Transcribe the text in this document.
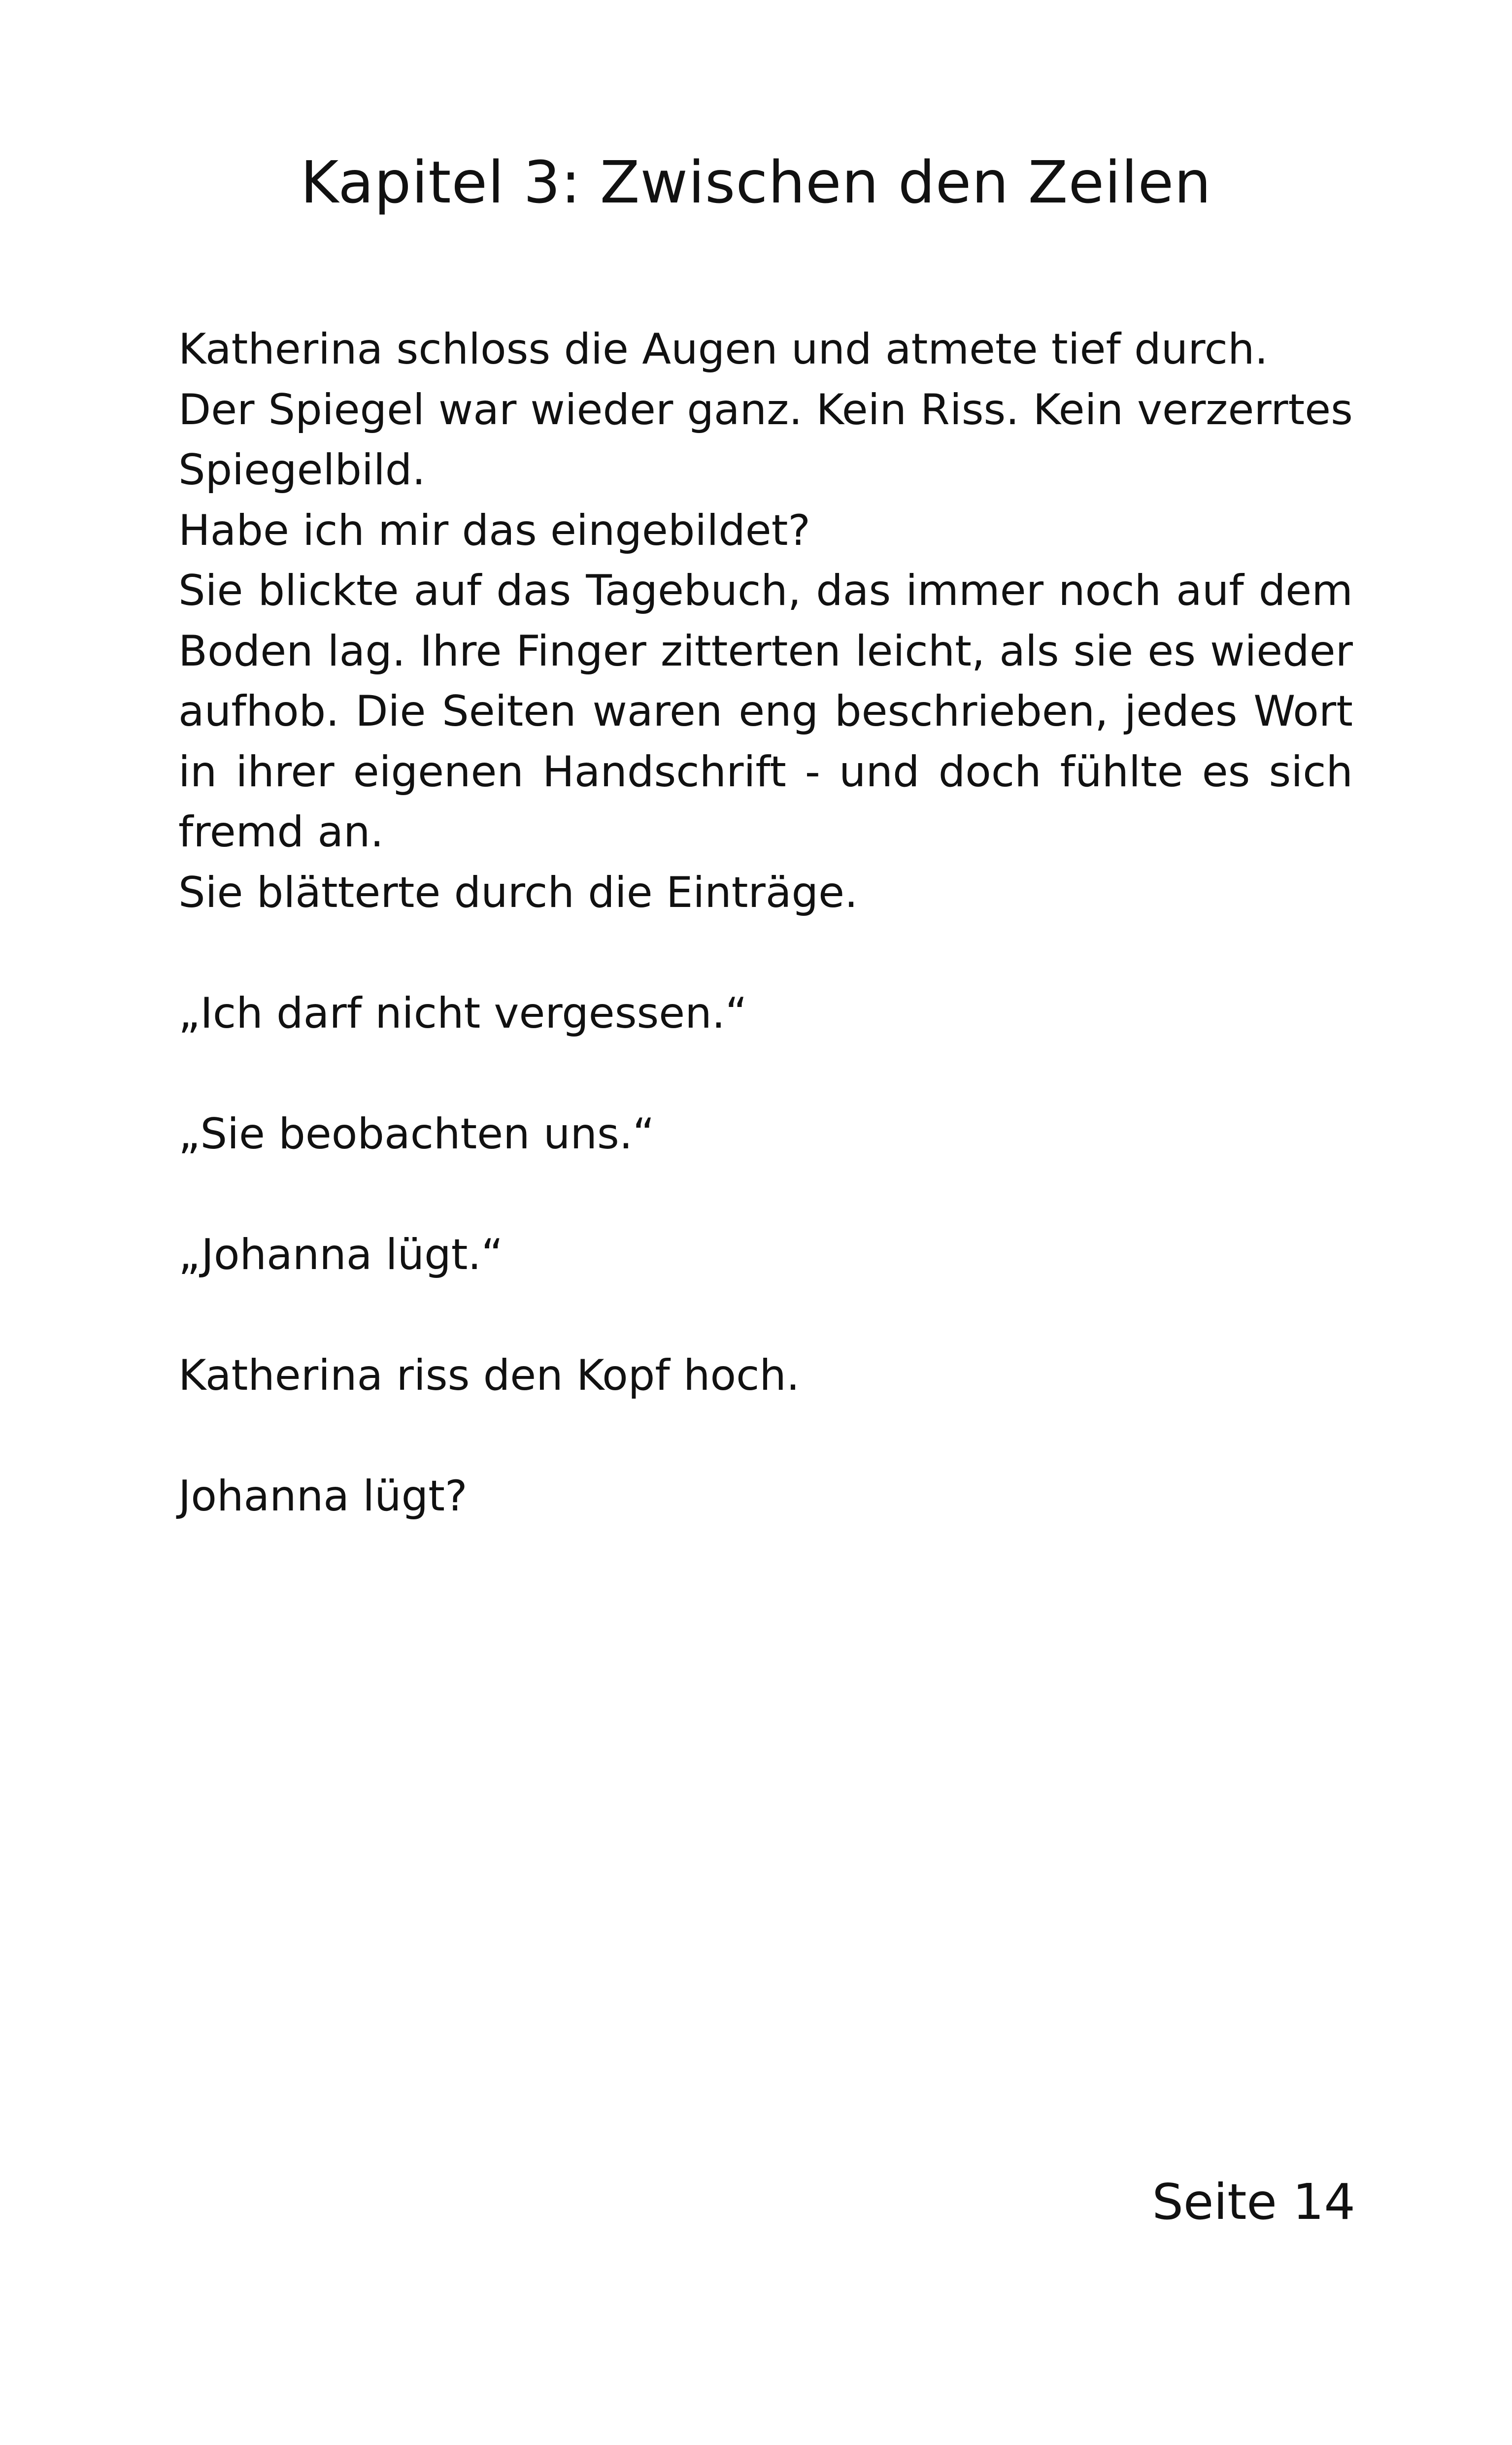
Kapitel 3: Zwischen den Zeilen

Katherina schloss die Augen und atmete tief durch.

Der Spiegel war wieder ganz. Kein Riss. Kein verzerrtes Spiegelbild.

Habe ich mir das eingebildet?

Sie blickte auf das Tagebuch, das immer noch auf dem Boden lag. Ihre Finger zitterten leicht, als sie es wieder aufhob. Die Seiten waren eng beschrieben, jedes Wort in ihrer eigenen Handschrift - und doch fühlte es sich fremd an.

Sie blätterte durch die Einträge.

„Ich darf nicht vergessen.“

„Sie beobachten uns.“

„Johanna lügt.“

Katherina riss den Kopf hoch.

Johanna lügt?

Seite 14
